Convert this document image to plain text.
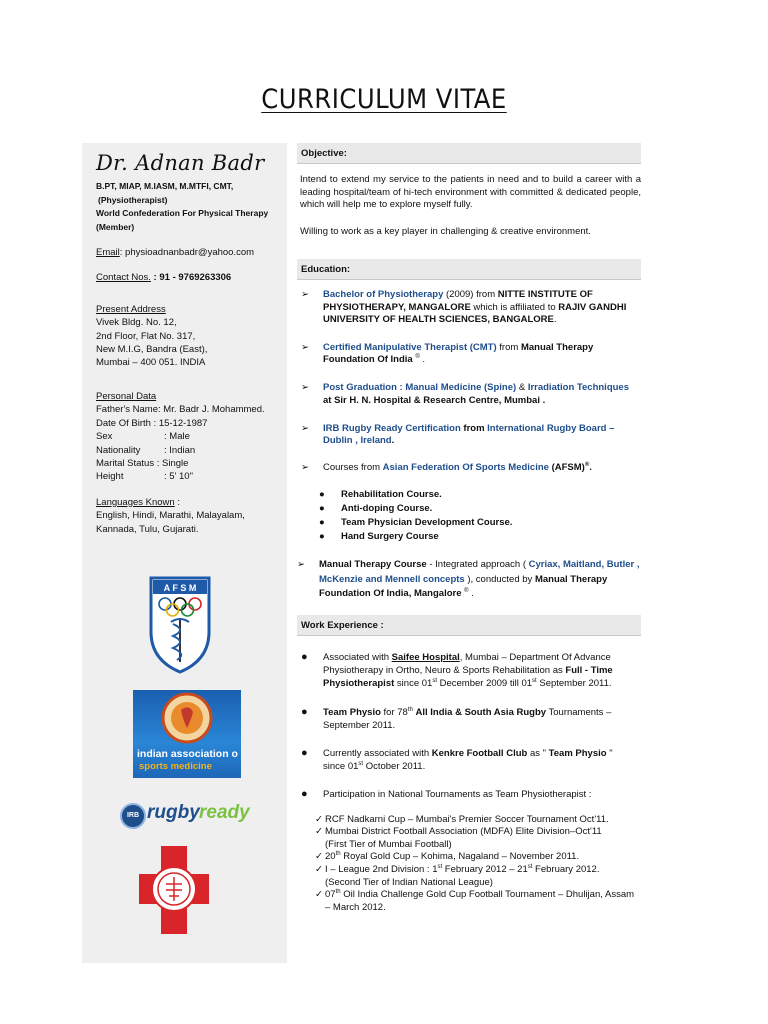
CURRICULUM VITAE
Dr. Adnan Badr
B.PT, MIAP, M.IASM, M.MTFI, CMT,
(Physiotherapist)
World Confederation For Physical Therapy
(Member)
Email: physioadnanbadr@yahoo.com
Contact Nos. : 91 - 9769263306
Present Address
Vivek Bldg. No. 12,
2nd Floor, Flat No. 317,
New M.I.G, Bandra (East),
Mumbai – 400 051. INDIA
Personal Data
Father's Name: Mr. Badr J. Mohammed.
Date Of Birth : 15-12-1987
Sex	: Male
Nationality	: Indian
Marital Status : Single
Height	: 5' 10"
Languages Known :
English, Hindi, Marathi, Malayalam,
Kannada, Tulu, Gujarati.
A F S M
indian association o
sports medicine
IRB rugby ready
Objective:
Intend to extend my service to the patients in need and to build a career with a leading hospital/team of hi-tech environment with committed & dedicated people, which will help me to explore myself fully.
Willing to work as a key player in challenging & creative environment.
Education:
➢ Bachelor of Physiotherapy (2009) from NITTE INSTITUTE OF PHYSIOTHERAPY, MANGALORE which is affiliated to RAJIV GANDHI UNIVERSITY OF HEALTH SCIENCES, BANGALORE.
➢ Certified Manipulative Therapist (CMT) from Manual Therapy Foundation Of India ® .
➢ Post Graduation : Manual Medicine (Spine) & Irradiation Techniques
at Sir H. N. Hospital & Research Centre, Mumbai .
➢ IRB Rugby Ready Certification from International Rugby Board – Dublin , Ireland.
➢ Courses from Asian Federation Of Sports Medicine (AFSM)®.
● Rehabilitation Course.
● Anti-doping Course.
● Team Physician Development Course.
● Hand Surgery Course
➢ Manual Therapy Course - Integrated approach ( Cyriax, Maitland, Butler , McKenzie and Mennell concepts ), conducted by Manual Therapy Foundation Of India, Mangalore ® .
Work Experience :
● Associated with Saifee Hospital, Mumbai – Department Of Advance Physiotherapy in Ortho, Neuro & Sports Rehabilitation as Full - Time Physiotherapist since 01st December 2009 till 01st September 2011.
● Team Physio for 78th All India & South Asia Rugby Tournaments – September 2011.
● Currently associated with Kenkre Football Club as " Team Physio "
since 01st October 2011.
● Participation in National Tournaments as Team Physiotherapist :
✓ RCF Nadkarni Cup – Mumbai's Premier Soccer Tournament Oct'11.
✓ Mumbai District Football Association (MDFA) Elite Division–Oct'11
(First Tier of Mumbai Football)
✓ 20th Royal Gold Cup – Kohima, Nagaland – November 2011.
✓ I – League 2nd Division : 1st February 2012 – 21st February 2012.
(Second Tier of Indian National League)
✓ 07th Oil India Challenge Gold Cup Football Tournament – Dhulijan, Assam – March 2012.
